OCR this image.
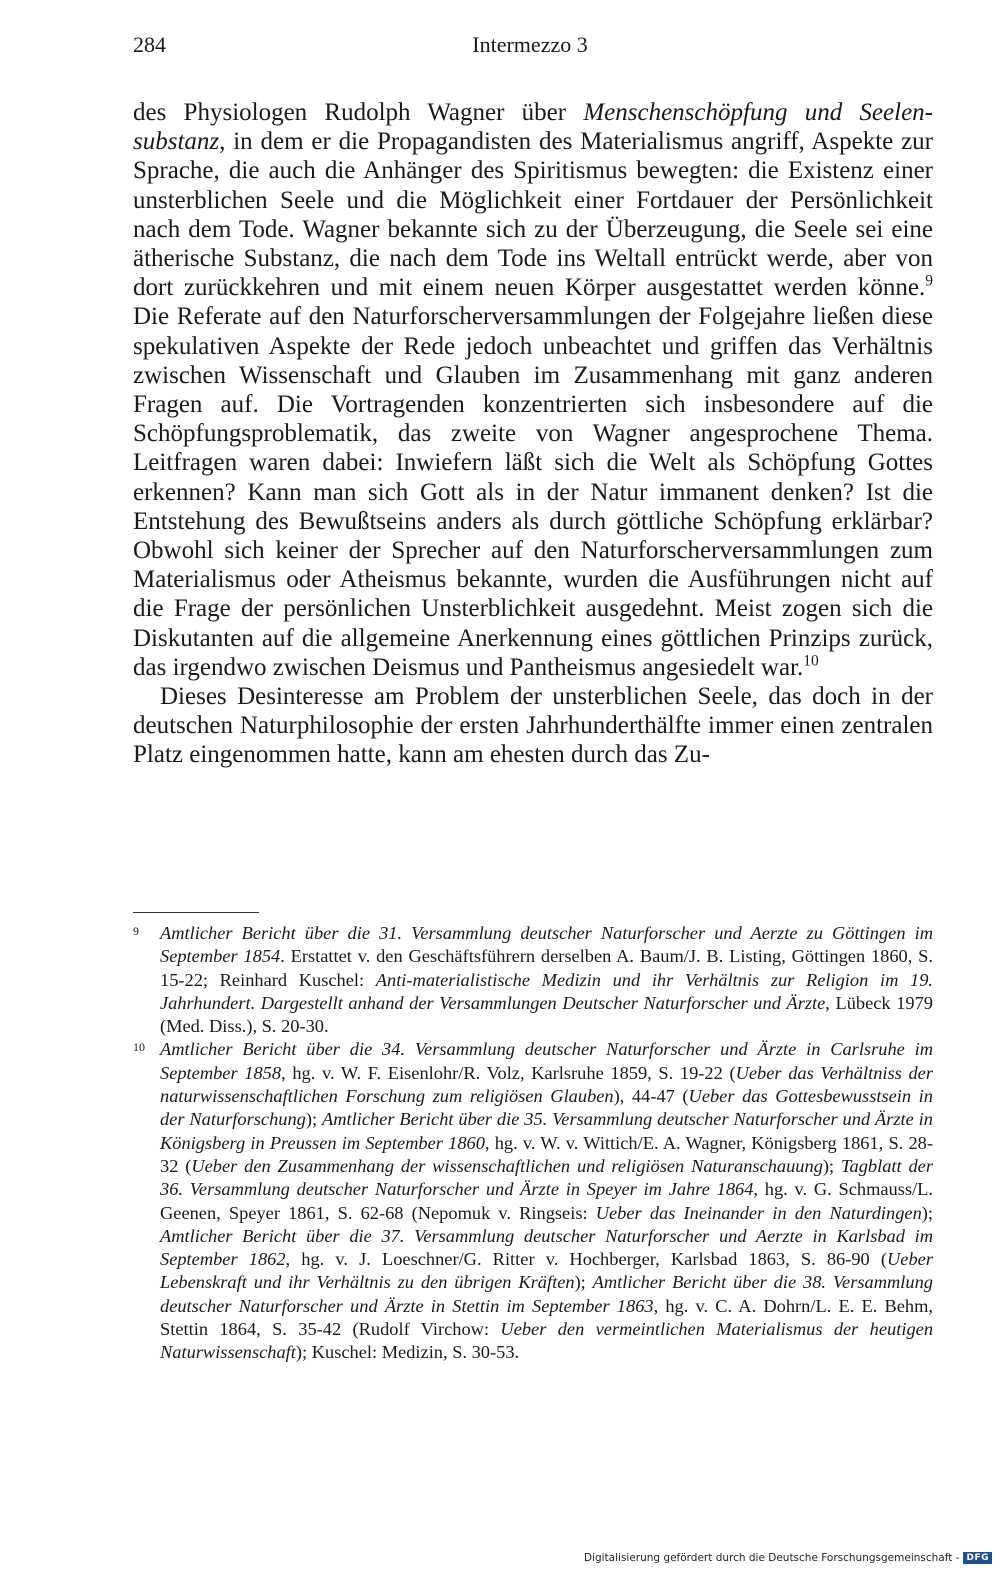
284	Intermezzo 3

des Physiologen Rudolph Wagner über Menschenschöpfung und Seelensubstanz, in dem er die Propagandisten des Materialismus angriff, Aspekte zur Sprache, die auch die Anhänger des Spiritismus bewegten: die Existenz einer unsterblichen Seele und die Möglichkeit einer Fortdauer der Persönlichkeit nach dem Tode. Wagner bekannte sich zu der Überzeugung, die Seele sei eine ätherische Substanz, die nach dem Tode ins Weltall entrückt werde, aber von dort zurückkehren und mit einem neuen Körper ausgestattet werden könne.$^9$ Die Referate auf den Naturforscherversammlungen der Folgejahre ließen diese spekulativen Aspekte der Rede jedoch unbeachtet und griffen das Verhältnis zwischen Wissenschaft und Glauben im Zusammenhang mit ganz anderen Fragen auf. Die Vortragenden konzentrierten sich insbesondere auf die Schöpfungsproblematik, das zweite von Wagner angesprochene Thema. Leitfragen waren dabei: Inwiefern läßt sich die Welt als Schöpfung Gottes erkennen? Kann man sich Gott als in der Natur immanent denken? Ist die Entstehung des Bewußtseins anders als durch göttliche Schöpfung erklärbar? Obwohl sich keiner der Sprecher auf den Naturforscherversammlungen zum Materialismus oder Atheismus bekannte, wurden die Ausführungen nicht auf die Frage der persönlichen Unsterblichkeit ausgedehnt. Meist zogen sich die Diskutanten auf die allgemeine Anerkennung eines göttlichen Prinzips zurück, das irgendwo zwischen Deismus und Pantheismus angesiedelt war.$^{10}$

Dieses Desinteresse am Problem der unsterblichen Seele, das doch in der deutschen Naturphilosophie der ersten Jahrhunderthälfte immer einen zentralen Platz eingenommen hatte, kann am ehesten durch das Zu-

9 Amtlicher Bericht über die 31. Versammlung deutscher Naturforscher und Aerzte zu Göttingen im September 1854. Erstattet v. den Geschäftsführern derselben A. Baum/J. B. Listing, Göttingen 1860, S. 15-22; Reinhard Kuschel: Anti-materialistische Medizin und ihr Verhältnis zur Religion im 19. Jahrhundert. Dargestellt anhand der Versammlungen Deutscher Naturforscher und Ärzte, Lübeck 1979 (Med. Diss.), S. 20-30.

10 Amtlicher Bericht über die 34. Versammlung deutscher Naturforscher und Ärzte in Carlsruhe im September 1858, hg. v. W. F. Eisenlohr/R. Volz, Karlsruhe 1859, S. 19-22 (Ueber das Verhältniss der naturwissenschaftlichen Forschung zum religiösen Glauben), 44-47 (Ueber das Gottesbewusstsein in der Naturforschung); Amtlicher Bericht über die 35. Versammlung deutscher Naturforscher und Ärzte in Königsberg in Preussen im September 1860, hg. v. W. v. Wittich/E. A. Wagner, Königsberg 1861, S. 28-32 (Ueber den Zusammenhang der wissenschaftlichen und religiösen Naturanschauung); Tagblatt der 36. Versammlung deutscher Naturforscher und Ärzte in Speyer im Jahre 1864, hg. v. G. Schmauss/L. Geenen, Speyer 1861, S. 62-68 (Nepomuk v. Ringseis: Ueber das Ineinander in den Naturdingen); Amtlicher Bericht über die 37. Versammlung deutscher Naturforscher und Aerzte in Karlsbad im September 1862, hg. v. J. Loeschner/G. Ritter v. Hochberger, Karlsbad 1863, S. 86-90 (Ueber Lebenskraft und ihr Verhältnis zu den übrigen Kräften); Amtlicher Bericht über die 38. Versammlung deutscher Naturforscher und Ärzte in Stettin im September 1863, hg. v. C. A. Dohrn/L. E. E. Behm, Stettin 1864, S. 35-42 (Rudolf Virchow: Ueber den vermeintlichen Materialismus der heutigen Naturwissenschaft); Kuschel: Medizin, S. 30-53.

Digitalisierung gefördert durch die Deutsche Forschungsgemeinschaft - DFG
